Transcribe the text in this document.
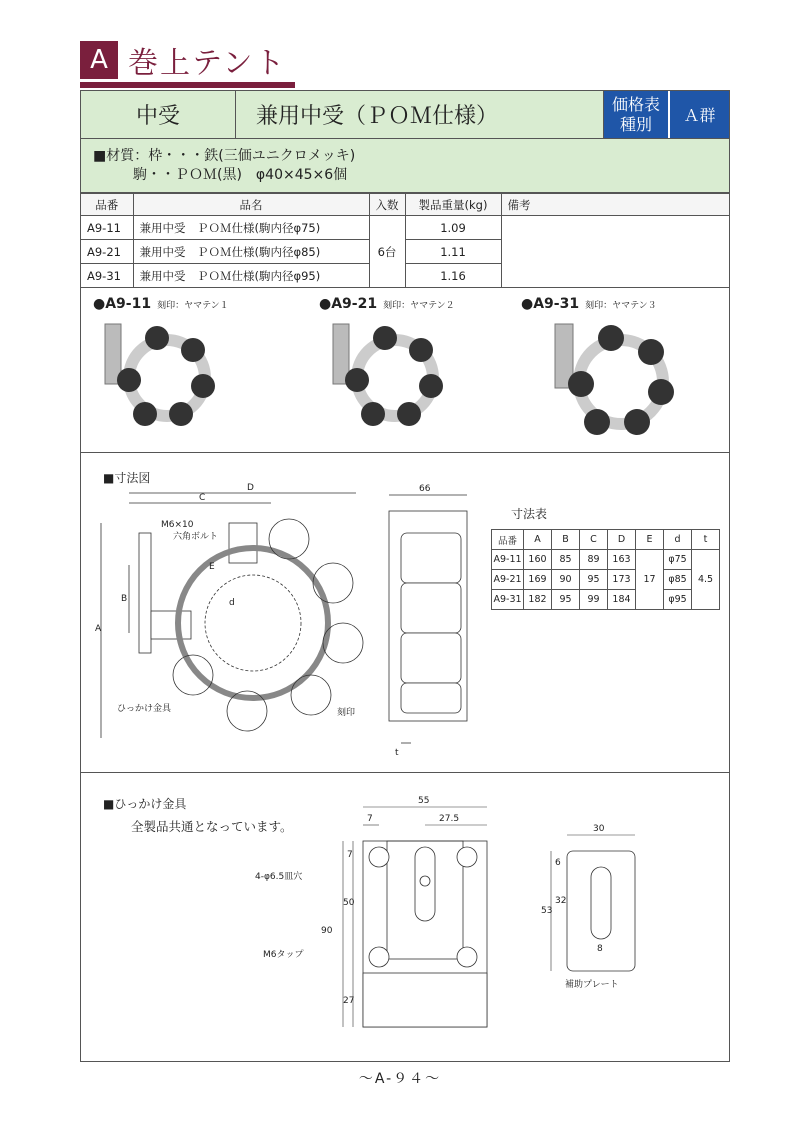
A 巻上テント
中受	兼用中受（ＰＯＭ仕様）	価格表
種別	Ａ群
■材質：枠・・・鉄(三価ユニクロメッキ)
駒・・ＰＯＭ(黒)　φ40×45×6個
品番	品名	入数	製品重量(kg)	備考
A9-11	兼用中受　ＰＯＭ仕様(駒内径φ75)	6台	1.09	
A9-21	兼用中受　ＰＯＭ仕様(駒内径φ85)		1.11	
A9-31	兼用中受　ＰＯＭ仕様(駒内径φ95)		1.16	
●A9-11 刻印：ヤマテン１	●A9-21 刻印：ヤマテン２	●A9-31 刻印：ヤマテン３
■寸法図
A
B
C
D
E
d
M6×10
六角ボルト
ひっかけ金具	刻印
66
t
寸法表
品番	A	B	C	D	E	d	t
A9-11	160	85	89	163	17	φ75	4.5
A9-21	169	90	95	173		φ85	
A9-31	182	95	99	184		φ95	
■ひっかけ金具
全製品共通となっています。
55
7	27.5
7
4-φ6.5皿穴
50
90
M6タップ
27
30
6
53
32
8
補助プレート
～A-９４～
